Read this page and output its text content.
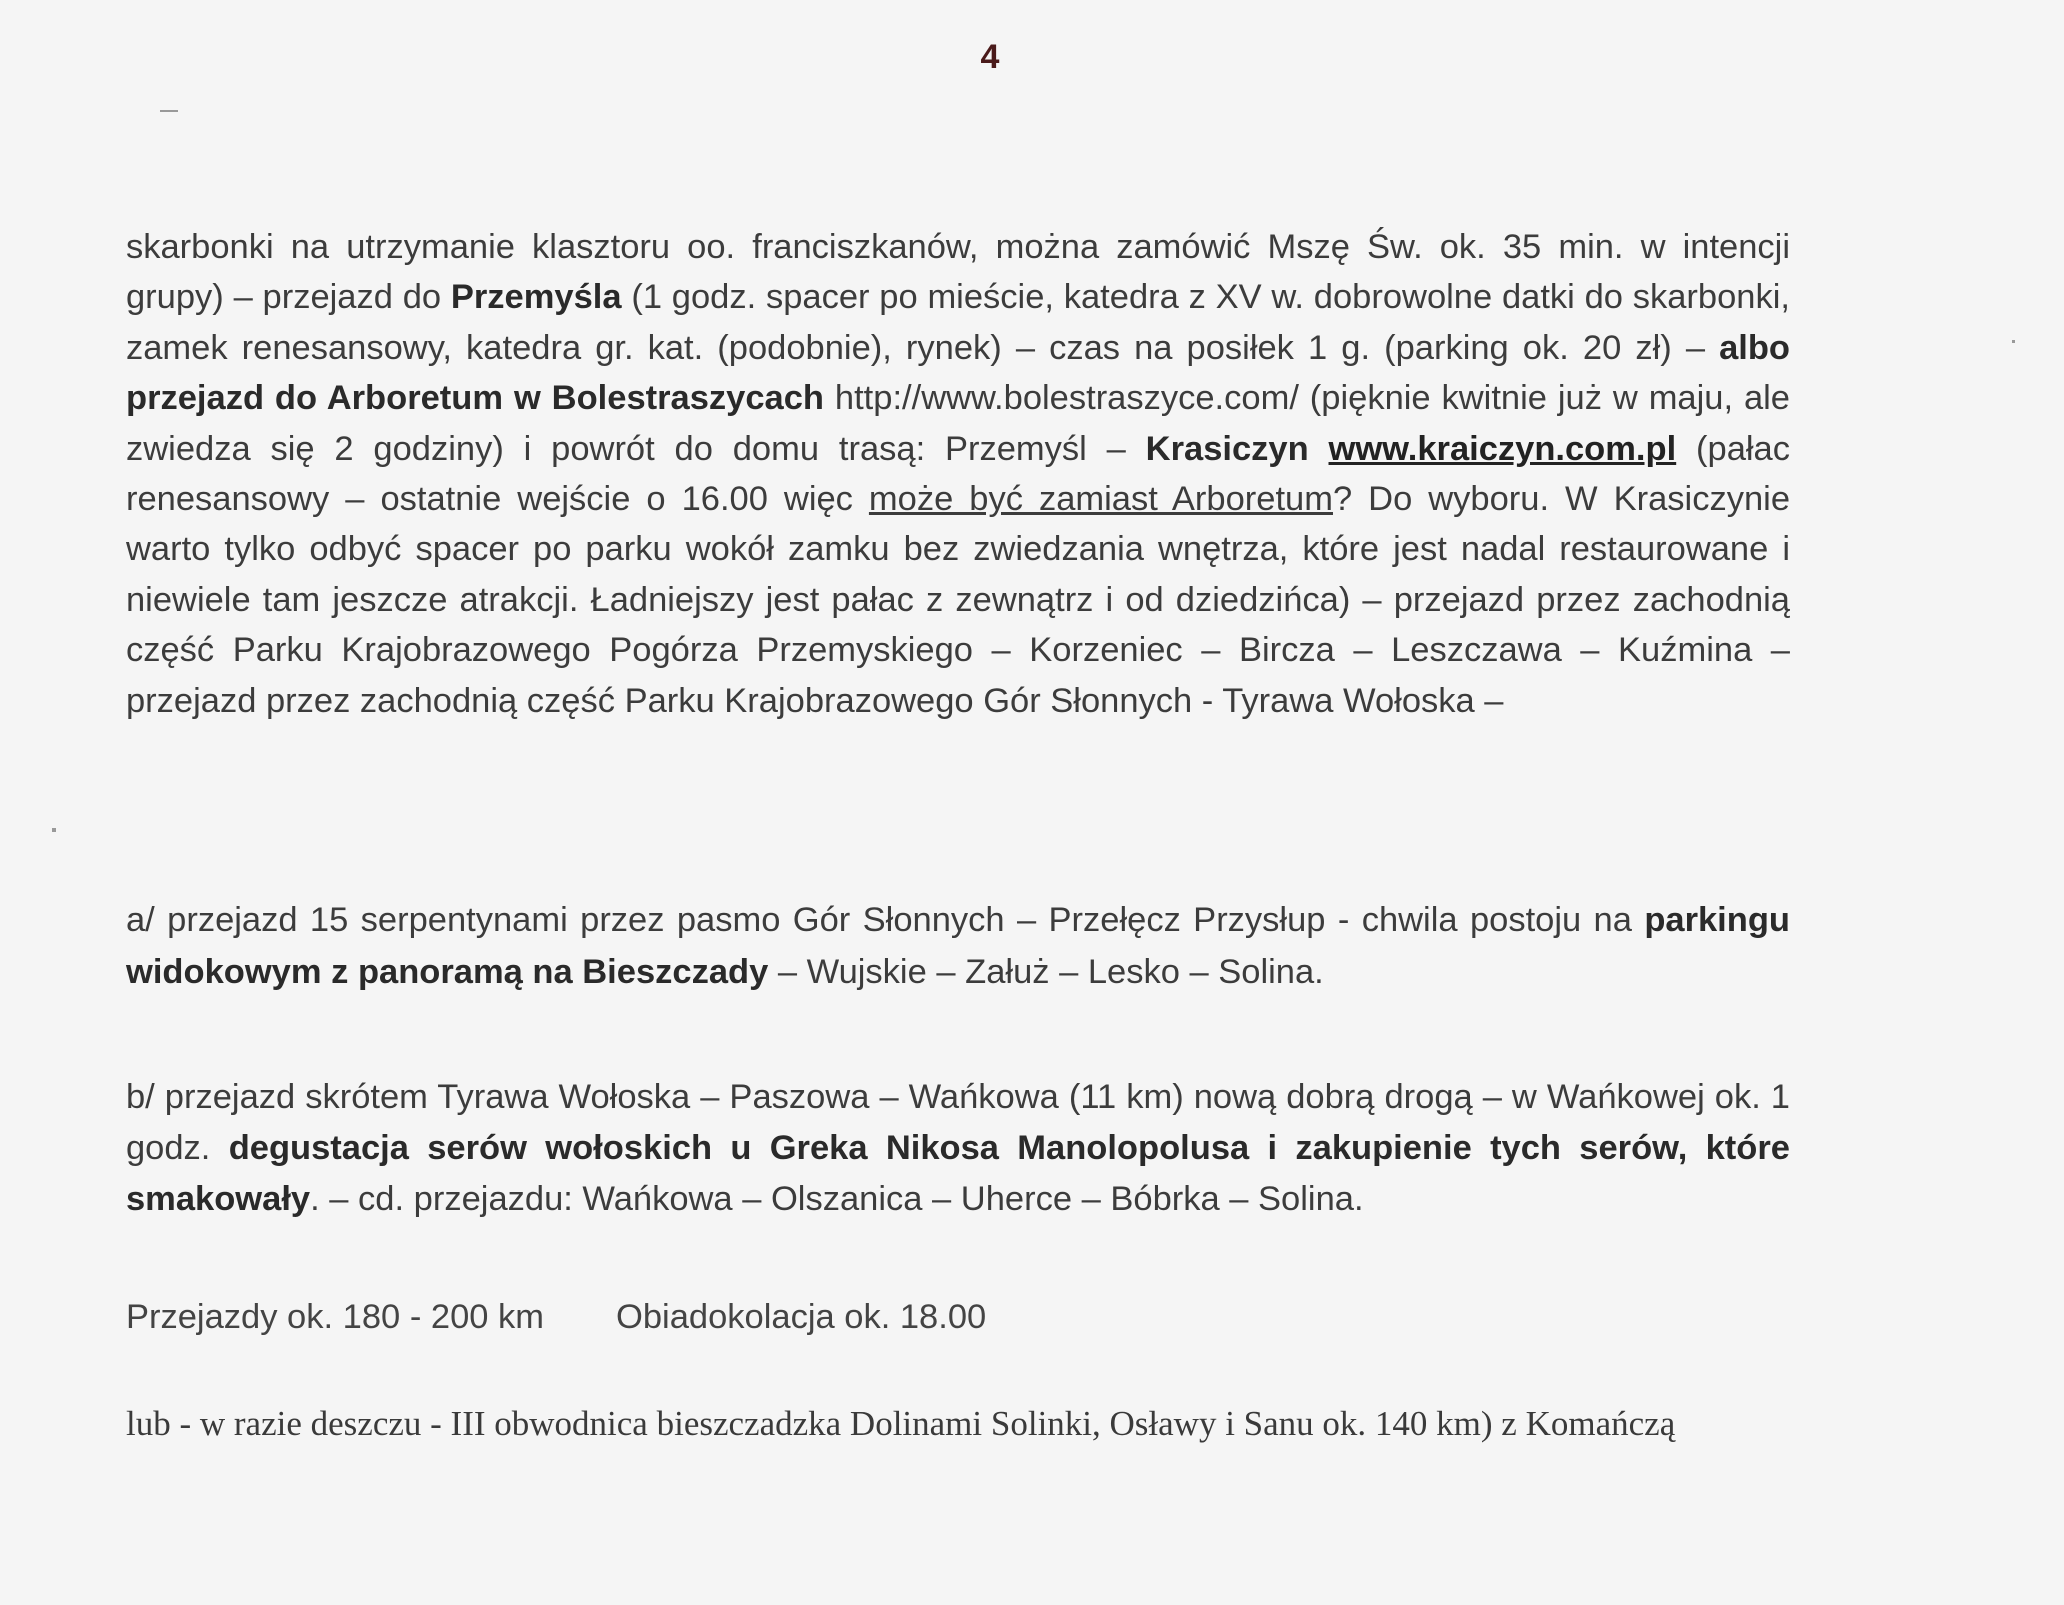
4

skarbonki na utrzymanie klasztoru oo. franciszkanów, można zamówić Mszę Św. ok. 35 min. w intencji grupy) – przejazd do Przemyśla (1 godz. spacer po mieście, katedra z XV w. dobrowolne datki do skarbonki, zamek renesansowy, katedra gr. kat. (podobnie), rynek) – czas na posiłek 1 g. (parking ok. 20 zł) – albo przejazd do Arboretum w Bolestraszycach http://www.bolestraszyce.com/ (pięknie kwitnie już w maju, ale zwiedza się 2 godziny) i powrót do domu trasą: Przemyśl – Krasiczyn www.kraiczyn.com.pl (pałac renesansowy – ostatnie wejście o 16.00 więc może być zamiast Arboretum? Do wyboru. W Krasiczynie warto tylko odbyć spacer po parku wokół zamku bez zwiedzania wnętrza, które jest nadal restaurowane i niewiele tam jeszcze atrakcji. Ładniejszy jest pałac z zewnątrz i od dziedzińca) – przejazd przez zachodnią część Parku Krajobrazowego Pogórza Przemyskiego – Korzeniec – Bircza – Leszczawa – Kuźmina – przejazd przez zachodnią część Parku Krajobrazowego Gór Słonnych - Tyrawa Wołoska –

a/ przejazd 15 serpentynami przez pasmo Gór Słonnych – Przełęcz Przysłup - chwila postoju na parkingu widokowym z panoramą na Bieszczady – Wujskie – Załuż – Lesko – Solina.

b/ przejazd skrótem Tyrawa Wołoska – Paszowa – Wańkowa (11 km) nową dobrą drogą – w Wańkowej ok. 1 godz. degustacja serów wołoskich u Greka Nikosa Manolopolusa i zakupienie tych serów, które smakowały. – cd. przejazdu: Wańkowa – Olszanica – Uherce – Bóbrka – Solina.

Przejazdy ok. 180 - 200 km Obiadokolacja ok. 18.00

lub - w razie deszczu - III obwodnica bieszczadzka Dolinami Solinki, Osławy i Sanu ok. 140 km) z Komańczą
